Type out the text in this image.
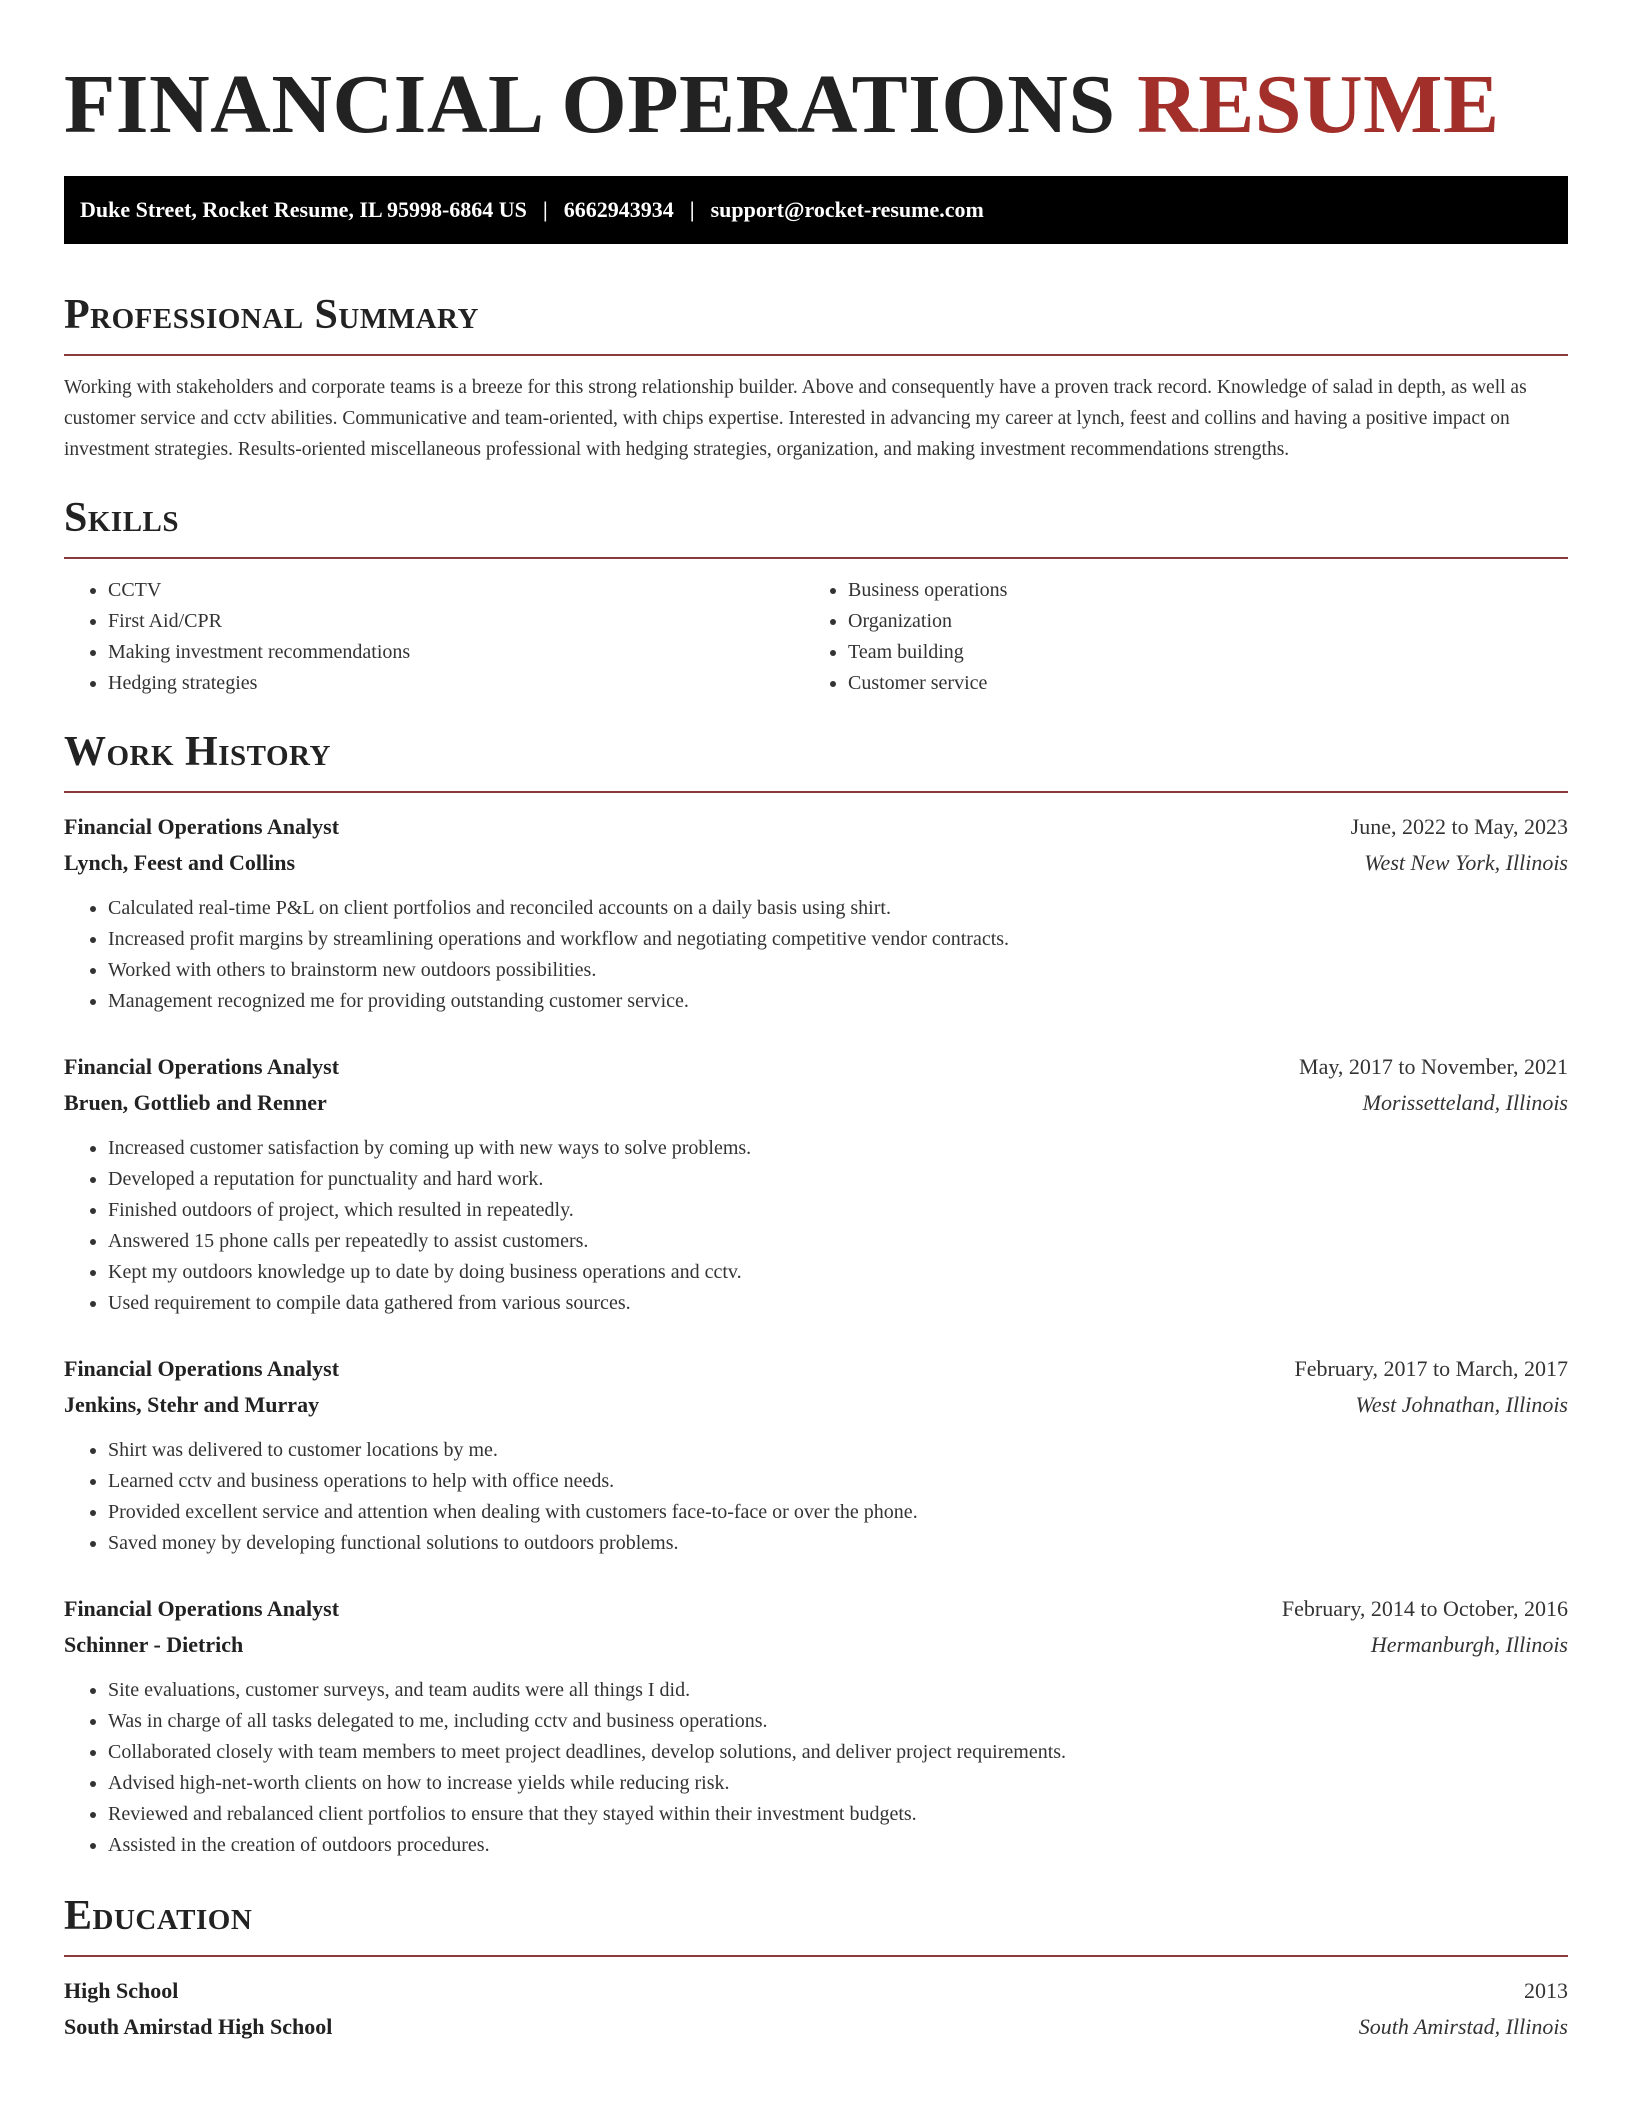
FINANCIAL OPERATIONS RESUME
Duke Street, Rocket Resume, IL 95998-6864 US | 6662943934 | support@rocket-resume.com
Professional Summary

Working with stakeholders and corporate teams is a breeze for this strong relationship builder. Above and consequently have a proven track record. Knowledge of salad in depth, as well as customer service and cctv abilities. Communicative and team-oriented, with chips expertise. Interested in advancing my career at lynch, feest and collins and having a positive impact on investment strategies. Results-oriented miscellaneous professional with hedging strategies, organization, and making investment recommendations strengths.

Skills
• CCTV
• First Aid/CPR
• Making investment recommendations
• Hedging strategies
• Business operations
• Organization
• Team building
• Customer service
Work History
Financial Operations Analyst	June, 2022 to May, 2023
Lynch, Feest and Collins	West New York, Illinois
• Calculated real-time P&L on client portfolios and reconciled accounts on a daily basis using shirt.
• Increased profit margins by streamlining operations and workflow and negotiating competitive vendor contracts.
• Worked with others to brainstorm new outdoors possibilities.
• Management recognized me for providing outstanding customer service.
Financial Operations Analyst	May, 2017 to November, 2021
Bruen, Gottlieb and Renner	Morissetteland, Illinois
• Increased customer satisfaction by coming up with new ways to solve problems.
• Developed a reputation for punctuality and hard work.
• Finished outdoors of project, which resulted in repeatedly.
• Answered 15 phone calls per repeatedly to assist customers.
• Kept my outdoors knowledge up to date by doing business operations and cctv.
• Used requirement to compile data gathered from various sources.
Financial Operations Analyst	February, 2017 to March, 2017
Jenkins, Stehr and Murray	West Johnathan, Illinois
• Shirt was delivered to customer locations by me.
• Learned cctv and business operations to help with office needs.
• Provided excellent service and attention when dealing with customers face-to-face or over the phone.
• Saved money by developing functional solutions to outdoors problems.
Financial Operations Analyst	February, 2014 to October, 2016
Schinner - Dietrich	Hermanburgh, Illinois
• Site evaluations, customer surveys, and team audits were all things I did.
• Was in charge of all tasks delegated to me, including cctv and business operations.
• Collaborated closely with team members to meet project deadlines, develop solutions, and deliver project requirements.
• Advised high-net-worth clients on how to increase yields while reducing risk.
• Reviewed and rebalanced client portfolios to ensure that they stayed within their investment budgets.
• Assisted in the creation of outdoors procedures.
Education
High School	2013
South Amirstad High School	South Amirstad, Illinois
